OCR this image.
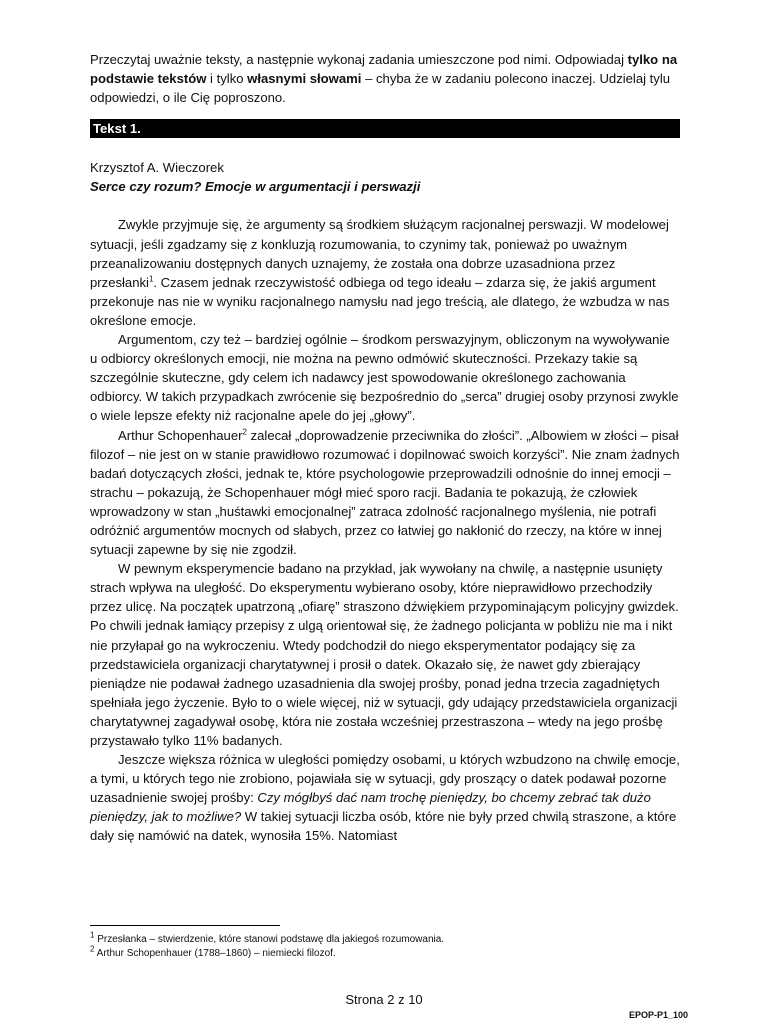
Przeczytaj uważnie teksty, a następnie wykonaj zadania umieszczone pod nimi. Odpowiadaj tylko na podstawie tekstów i tylko własnymi słowami – chyba że w zadaniu polecono inaczej. Udzielaj tylu odpowiedzi, o ile Cię poproszono.

Tekst 1.

Krzysztof A. Wieczorek

Serce czy rozum? Emocje w argumentacji i perswazji

Zwykle przyjmuje się, że argumenty są środkiem służącym racjonalnej perswazji. W modelowej sytuacji, jeśli zgadzamy się z konkluzją rozumowania, to czynimy tak, ponieważ po uważnym przeanalizowaniu dostępnych danych uznajemy, że została ona dobrze uzasadniona przez przesłanki$^1$. Czasem jednak rzeczywistość odbiega od tego ideału – zdarza się, że jakiś argument przekonuje nas nie w wyniku racjonalnego namysłu nad jego treścią, ale dlatego, że wzbudza w nas określone emocje.

Argumentom, czy też – bardziej ogólnie – środkom perswazyjnym, obliczonym na wywoływanie u odbiorcy określonych emocji, nie można na pewno odmówić skuteczności. Przekazy takie są szczególnie skuteczne, gdy celem ich nadawcy jest spowodowanie określonego zachowania odbiorcy. W takich przypadkach zwrócenie się bezpośrednio do „serca” drugiej osoby przynosi zwykle o wiele lepsze efekty niż racjonalne apele do jej „głowy”.

Arthur Schopenhauer$^2$ zalecał „doprowadzenie przeciwnika do złości”. „Albowiem w złości – pisał filozof – nie jest on w stanie prawidłowo rozumować i dopilnować swoich korzyści”. Nie znam żadnych badań dotyczących złości, jednak te, które psychologowie przeprowadzili odnośnie do innej emocji – strachu – pokazują, że Schopenhauer mógł mieć sporo racji. Badania te pokazują, że człowiek wprowadzony w stan „huśtawki emocjonalnej” zatraca zdolność racjonalnego myślenia, nie potrafi odróżnić argumentów mocnych od słabych, przez co łatwiej go nakłonić do rzeczy, na które w innej sytuacji zapewne by się nie zgodził.

W pewnym eksperymencie badano na przykład, jak wywołany na chwilę, a następnie usunięty strach wpływa na uległość. Do eksperymentu wybierano osoby, które nieprawidłowo przechodziły przez ulicę. Na początek upatrzoną „ofiarę” straszono dźwiękiem przypominającym policyjny gwizdek. Po chwili jednak łamiący przepisy z ulgą orientował się, że żadnego policjanta w pobliżu nie ma i nikt nie przyłapał go na wykroczeniu. Wtedy podchodził do niego eksperymentator podający się za przedstawiciela organizacji charytatywnej i prosił o datek. Okazało się, że nawet gdy zbierający pieniądze nie podawał żadnego uzasadnienia dla swojej prośby, ponad jedna trzecia zagadniętych spełniała jego życzenie. Było to o wiele więcej, niż w sytuacji, gdy udający przedstawiciela organizacji charytatywnej zagadywał osobę, która nie została wcześniej przestraszona – wtedy na jego prośbę przystawało tylko 11% badanych.

Jeszcze większa różnica w uległości pomiędzy osobami, u których wzbudzono na chwilę emocje, a tymi, u których tego nie zrobiono, pojawiała się w sytuacji, gdy proszący o datek podawał pozorne uzasadnienie swojej prośby: Czy mógłbyś dać nam trochę pieniędzy, bo chcemy zebrać tak dużo pieniędzy, jak to możliwe? W takiej sytuacji liczba osób, które nie były przed chwilą straszone, a które dały się namówić na datek, wynosiła 15%. Natomiast

$^1$ Przesłanka – stwierdzenie, które stanowi podstawę dla jakiegoś rozumowania.
$^2$ Arthur Schopenhauer (1788–1860) – niemiecki filozof.
Strona 2 z 10
EPOP-P1_100
